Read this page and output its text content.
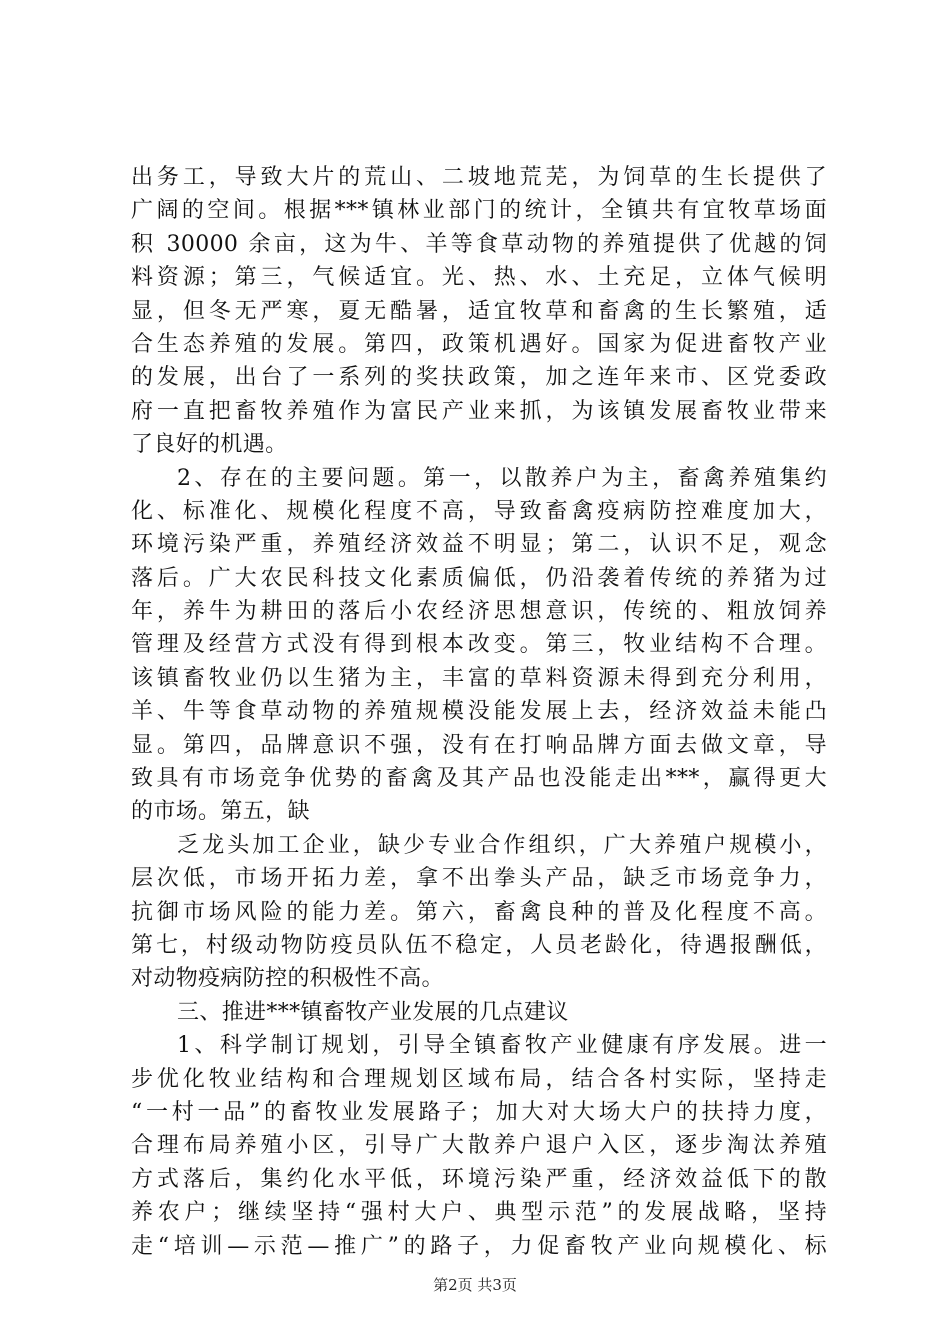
出务工，导致大片的荒山、二坡地荒芜，为饲草的生长提供了
广阔的空间。根据***镇林业部门的统计，全镇共有宜牧草场面
积 30000 余亩，这为牛、羊等食草动物的养殖提供了优越的饲
料资源；第三，气候适宜。光、热、水、土充足，立体气候明
显，但冬无严寒，夏无酷暑，适宜牧草和畜禽的生长繁殖，适
合生态养殖的发展。第四，政策机遇好。国家为促进畜牧产业
的发展，出台了一系列的奖扶政策，加之连年来市、区党委政
府一直把畜牧养殖作为富民产业来抓，为该镇发展畜牧业带来
了良好的机遇。
2、存在的主要问题。第一，以散养户为主，畜禽养殖集约
化、标准化、规模化程度不高，导致畜禽疫病防控难度加大，
环境污染严重，养殖经济效益不明显；第二，认识不足，观念
落后。广大农民科技文化素质偏低，仍沿袭着传统的养猪为过
年，养牛为耕田的落后小农经济思想意识，传统的、粗放饲养
管理及经营方式没有得到根本改变。第三，牧业结构不合理。
该镇畜牧业仍以生猪为主，丰富的草料资源未得到充分利用，
羊、牛等食草动物的养殖规模没能发展上去，经济效益未能凸
显。第四，品牌意识不强，没有在打响品牌方面去做文章，导
致具有市场竞争优势的畜禽及其产品也没能走出***，赢得更大
的市场。第五，缺
乏龙头加工企业，缺少专业合作组织，广大养殖户规模小，
层次低，市场开拓力差，拿不出拳头产品，缺乏市场竞争力，
抗御市场风险的能力差。第六，畜禽良种的普及化程度不高。
第七，村级动物防疫员队伍不稳定，人员老龄化，待遇报酬低，
对动物疫病防控的积极性不高。
三、推进***镇畜牧产业发展的几点建议
1、科学制订规划，引导全镇畜牧产业健康有序发展。进一
步优化牧业结构和合理规划区域布局，结合各村实际，坚持走
“一村一品”的畜牧业发展路子；加大对大场大户的扶持力度，
合理布局养殖小区，引导广大散养户退户入区，逐步淘汰养殖
方式落后，集约化水平低，环境污染严重，经济效益低下的散
养农户；继续坚持“强村大户、典型示范”的发展战略，坚持
走“培训—示范—推广”的路子，力促畜牧产业向规模化、标
第2页 共3页
